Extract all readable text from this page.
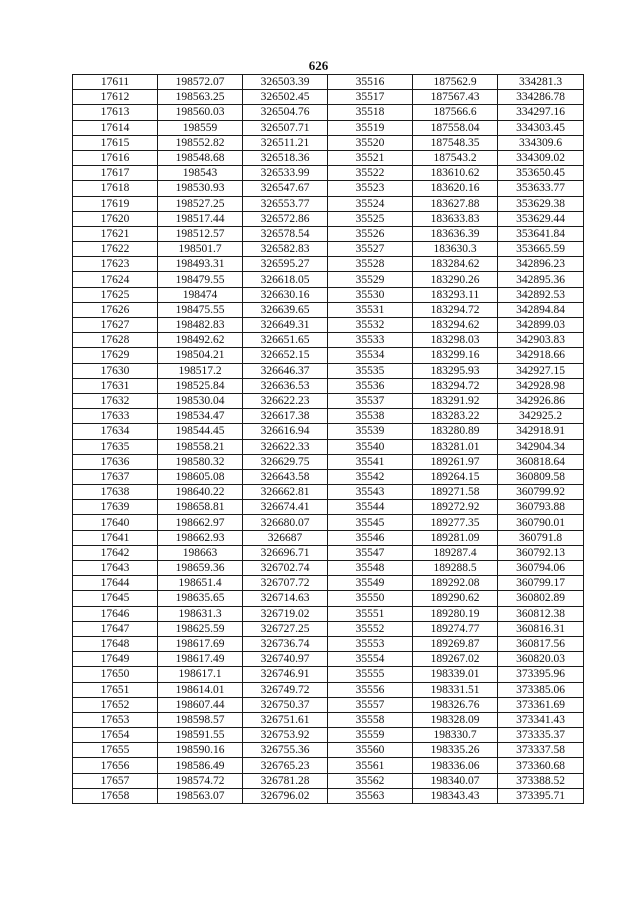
626
17611	198572.07	326503.39	35516	187562.9	334281.3
17612	198563.25	326502.45	35517	187567.43	334286.78
17613	198560.03	326504.76	35518	187566.6	334297.16
17614	198559	326507.71	35519	187558.04	334303.45
17615	198552.82	326511.21	35520	187548.35	334309.6
17616	198548.68	326518.36	35521	187543.2	334309.02
17617	198543	326533.99	35522	183610.62	353650.45
17618	198530.93	326547.67	35523	183620.16	353633.77
17619	198527.25	326553.77	35524	183627.88	353629.38
17620	198517.44	326572.86	35525	183633.83	353629.44
17621	198512.57	326578.54	35526	183636.39	353641.84
17622	198501.7	326582.83	35527	183630.3	353665.59
17623	198493.31	326595.27	35528	183284.62	342896.23
17624	198479.55	326618.05	35529	183290.26	342895.36
17625	198474	326630.16	35530	183293.11	342892.53
17626	198475.55	326639.65	35531	183294.72	342894.84
17627	198482.83	326649.31	35532	183294.62	342899.03
17628	198492.62	326651.65	35533	183298.03	342903.83
17629	198504.21	326652.15	35534	183299.16	342918.66
17630	198517.2	326646.37	35535	183295.93	342927.15
17631	198525.84	326636.53	35536	183294.72	342928.98
17632	198530.04	326622.23	35537	183291.92	342926.86
17633	198534.47	326617.38	35538	183283.22	342925.2
17634	198544.45	326616.94	35539	183280.89	342918.91
17635	198558.21	326622.33	35540	183281.01	342904.34
17636	198580.32	326629.75	35541	189261.97	360818.64
17637	198605.08	326643.58	35542	189264.15	360809.58
17638	198640.22	326662.81	35543	189271.58	360799.92
17639	198658.81	326674.41	35544	189272.92	360793.88
17640	198662.97	326680.07	35545	189277.35	360790.01
17641	198662.93	326687	35546	189281.09	360791.8
17642	198663	326696.71	35547	189287.4	360792.13
17643	198659.36	326702.74	35548	189288.5	360794.06
17644	198651.4	326707.72	35549	189292.08	360799.17
17645	198635.65	326714.63	35550	189290.62	360802.89
17646	198631.3	326719.02	35551	189280.19	360812.38
17647	198625.59	326727.25	35552	189274.77	360816.31
17648	198617.69	326736.74	35553	189269.87	360817.56
17649	198617.49	326740.97	35554	189267.02	360820.03
17650	198617.1	326746.91	35555	198339.01	373395.96
17651	198614.01	326749.72	35556	198331.51	373385.06
17652	198607.44	326750.37	35557	198326.76	373361.69
17653	198598.57	326751.61	35558	198328.09	373341.43
17654	198591.55	326753.92	35559	198330.7	373335.37
17655	198590.16	326755.36	35560	198335.26	373337.58
17656	198586.49	326765.23	35561	198336.06	373360.68
17657	198574.72	326781.28	35562	198340.07	373388.52
17658	198563.07	326796.02	35563	198343.43	373395.71
